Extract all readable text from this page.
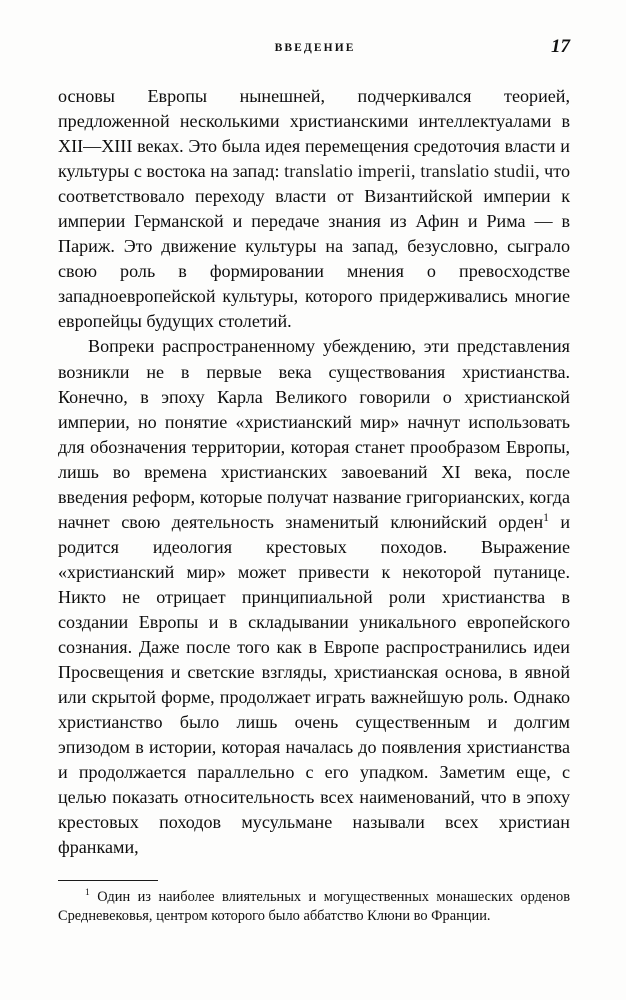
ВВЕДЕНИЕ	17

основы Европы нынешней, подчеркивался теорией, предложенной несколькими христианскими интеллектуалами в XII—XIII веках. Это была идея перемещения средоточия власти и культуры с востока на запад: translatio imperii, translatio studii, что соответствовало переходу власти от Византийской империи к империи Германской и передаче знания из Афин и Рима — в Париж. Это движение культуры на запад, безусловно, сыграло свою роль в формировании мнения о превосходстве западноевропейской культуры, которого придерживались многие европейцы будущих столетий.

Вопреки распространенному убеждению, эти представления возникли не в первые века существования христианства. Конечно, в эпоху Карла Великого говорили о христианской империи, но понятие «христианский мир» начнут использовать для обозначения территории, которая станет прообразом Европы, лишь во времена христианских завоеваний XI века, после введения реформ, которые получат название григорианских, когда начнет свою деятельность знаменитый клюнийский орден$^1$ и родится идеология крестовых походов. Выражение «христианский мир» может привести к некоторой путанице. Никто не отрицает принципиальной роли христианства в создании Европы и в складывании уникального европейского сознания. Даже после того как в Европе распространились идеи Просвещения и светские взгляды, христианская основа, в явной или скрытой форме, продолжает играть важнейшую роль. Однако христианство было лишь очень существенным и долгим эпизодом в истории, которая началась до появления христианства и продолжается параллельно с его упадком. Заметим еще, с целью показать относительность всех наименований, что в эпоху крестовых походов мусульмане называли всех христиан франками,

$^1$ Один из наиболее влиятельных и могущественных монашеских орденов Средневековья, центром которого было аббатство Клюни во Франции.
